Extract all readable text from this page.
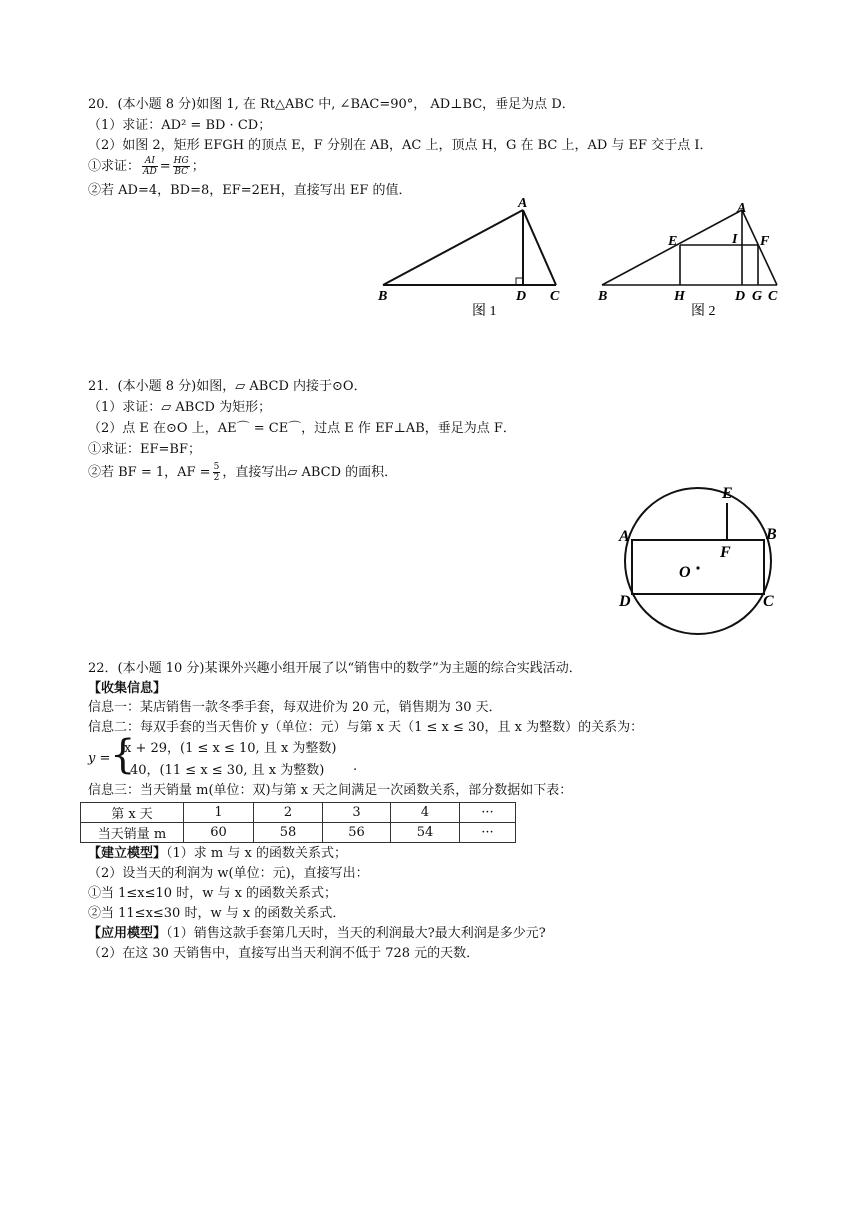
20．(本小题 8 分)如图 1, 在 Rt△ABC 中, ∠BAC=90°， AD⊥BC，垂足为点 D．
（1）求证：AD² = BD · CD；
（2）如图 2，矩形 EFGH 的顶点 E，F 分别在 AB，AC 上，顶点 H，G 在 BC 上，AD 与 EF 交于点 I．
①求证： $\frac{AI}{AD} = \frac{HG}{BC}$ ；
②若 AD=4，BD=8，EF=2EH，直接写出 EF 的值．
A
B	C
D
图 1
A
B	C
D
E	F
G
H
I
图 2
21．(本小题 8 分)如图，▱ ABCD 内接于⊙O．
（1）求证：▱ ABCD 为矩形；
（2）点 E 在⊙O 上，AE⌒ = CE⌒，过点 E 作 EF⊥AB，垂足为点 F．
①求证：EF=BF；
②若 BF = 1，AF = $\frac{5}{2}$ ，直接写出▱ ABCD 的面积．
E
A	B
F
O
D	C
22．(本小题 10 分)某课外兴趣小组开展了以“销售中的数学”为主题的综合实践活动．
【收集信息】
信息一：某店销售一款冬季手套，每双进价为 20 元，销售期为 30 天．
信息二：每双手套的当天售价 y（单位：元）与第 x 天（1 ≤ x ≤ 30，且 x 为整数）的关系为：
y = {
x + 29，(1 ≤ x ≤ 10, 且 x 为整数)
40，(11 ≤ x ≤ 30, 且 x 为整数) .
信息三：当天销量 m(单位：双)与第 x 天之间满足一次函数关系，部分数据如下表：
第 x 天	1	2	3	4	···
当天销量 m	60	58	56	54	···
【建立模型】（1）求 m 与 x 的函数关系式；
（2）设当天的利润为 w(单位：元)，直接写出：
①当 1≤x≤10 时，w 与 x 的函数关系式；
②当 11≤x≤30 时，w 与 x 的函数关系式．
【应用模型】（1）销售这款手套第几天时，当天的利润最大?最大利润是多少元?
（2）在这 30 天销售中，直接写出当天利润不低于 728 元的天数．
